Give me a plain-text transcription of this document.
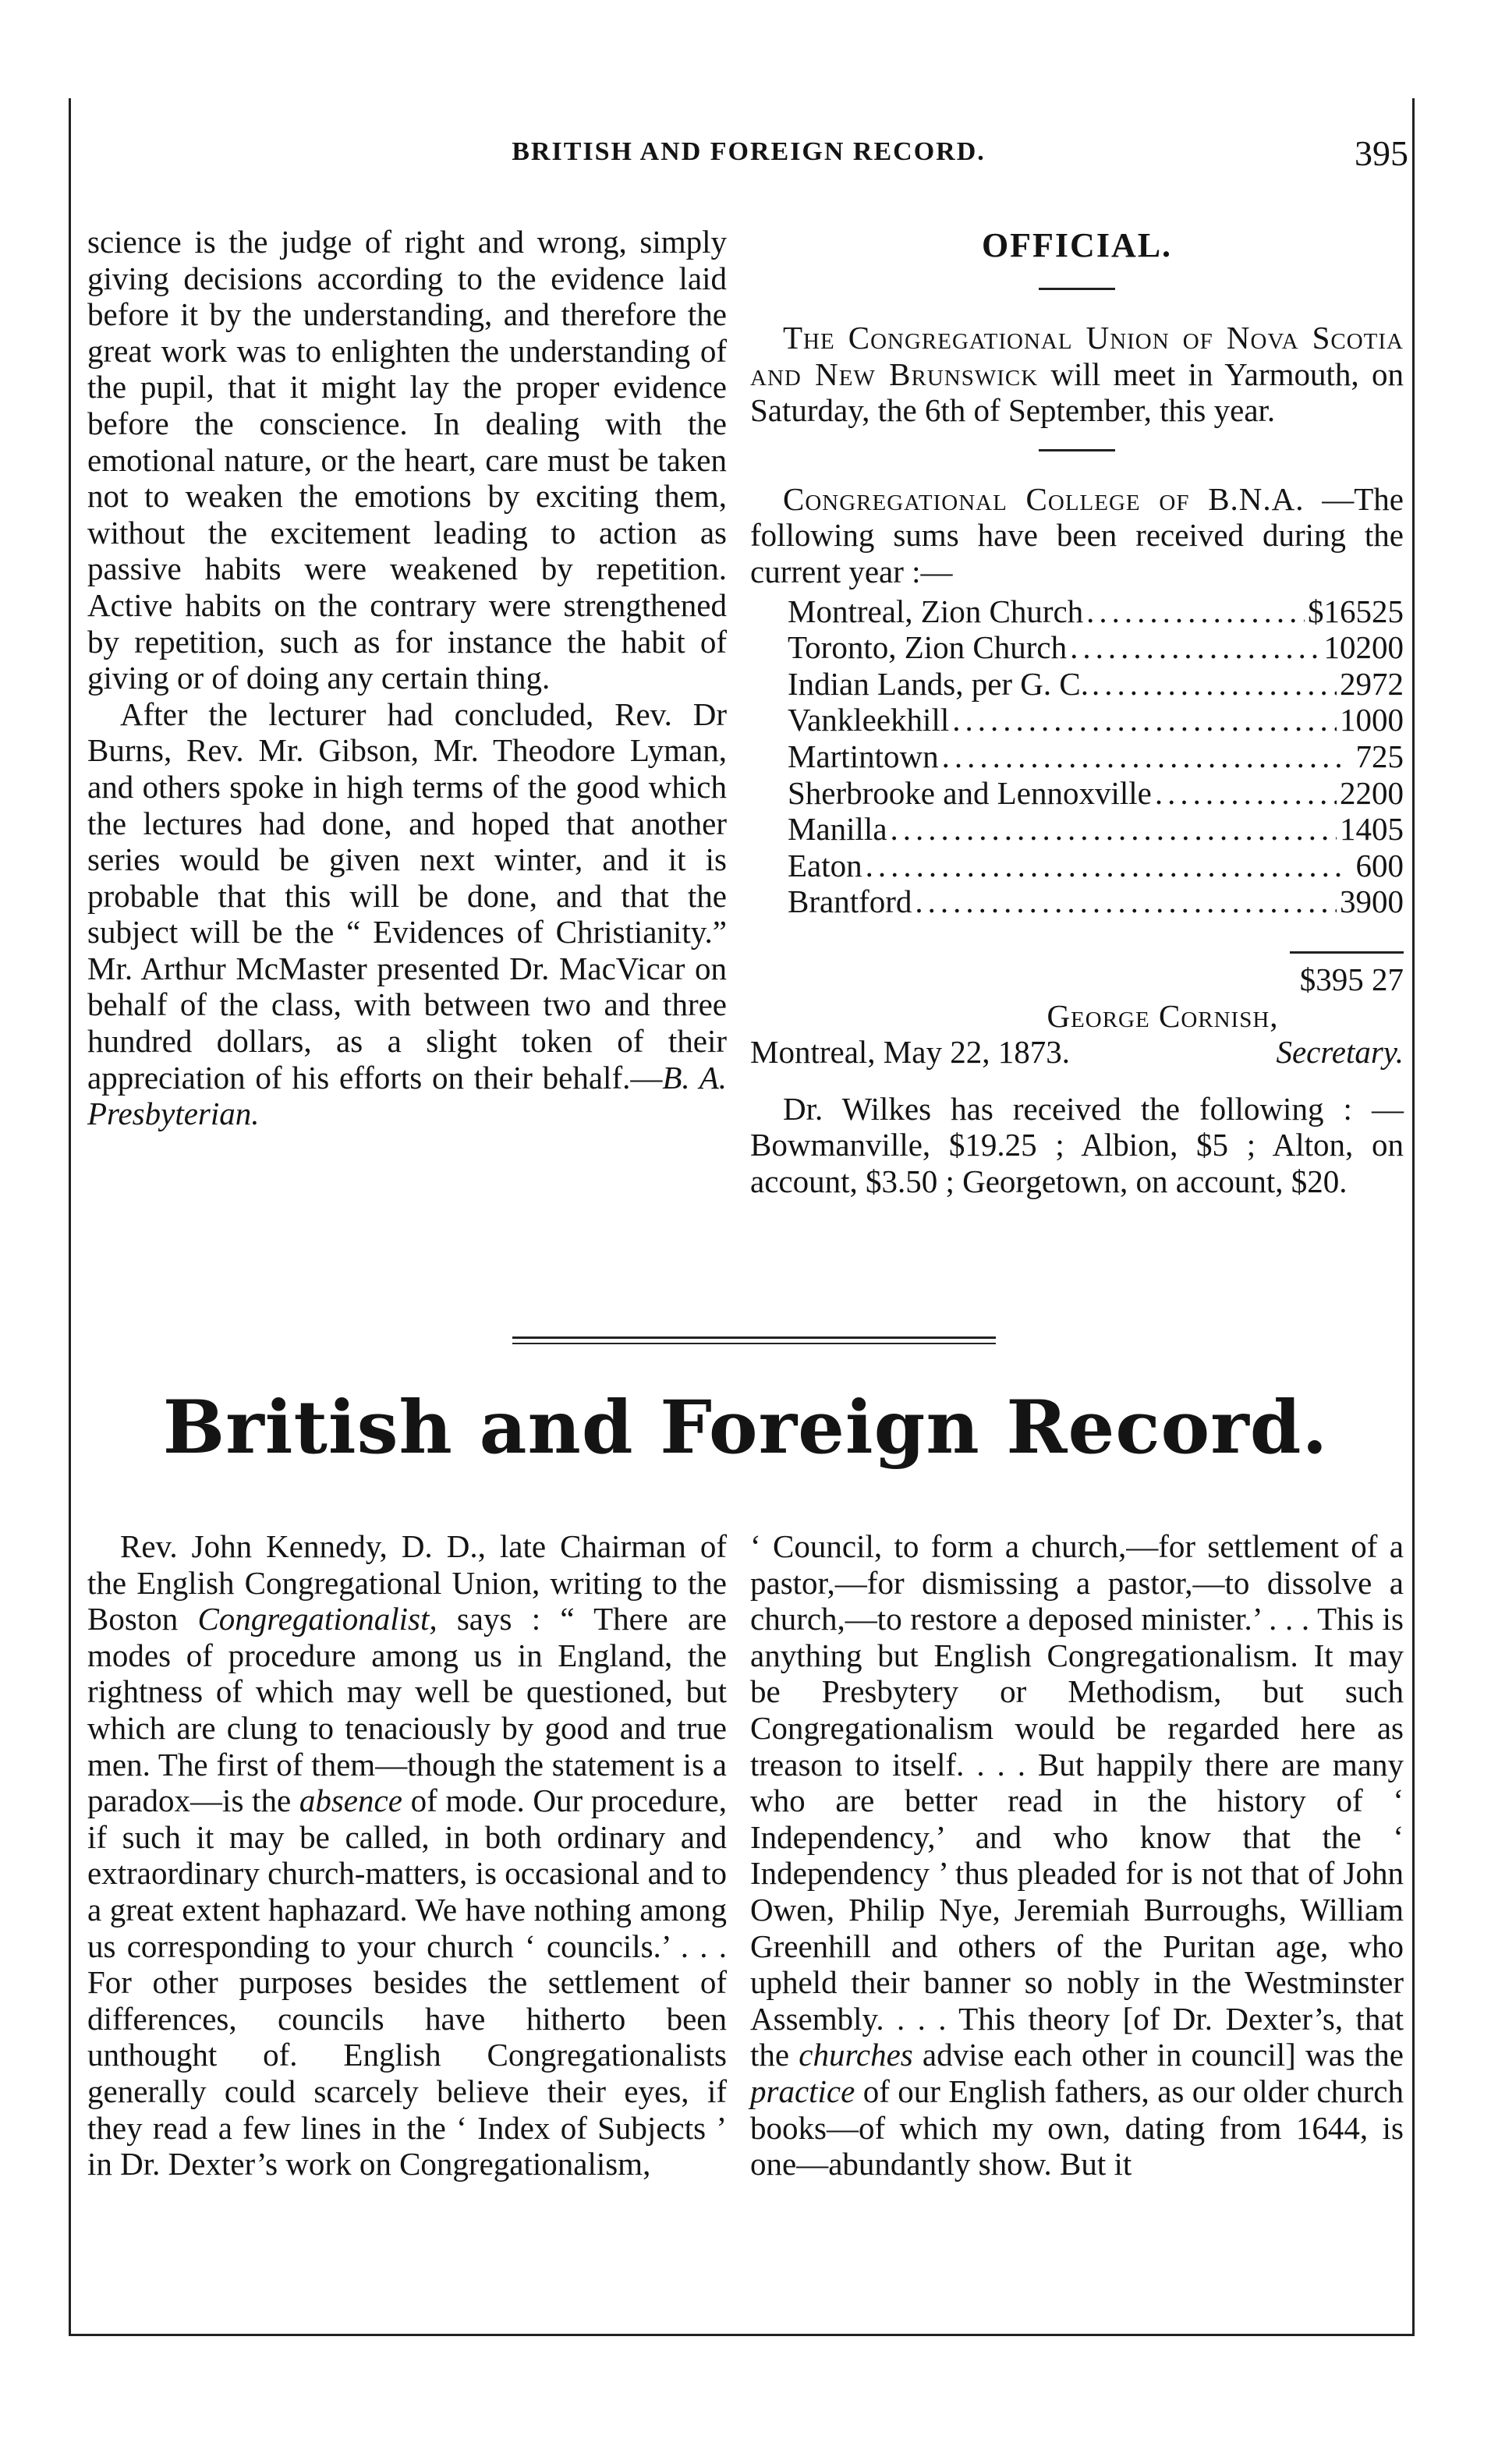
BRITISH AND FOREIGN RECORD.	395

science is the judge of right and wrong, simply giving decisions according to the evidence laid before it by the understanding, and therefore the great work was to enlighten the understanding of the pupil, that it might lay the proper evidence before the conscience. In dealing with the emotional nature, or the heart, care must be taken not to weaken the emotions by exciting them, without the excitement leading to action as passive habits were weakened by repetition. Active habits on the contrary were strengthened by repetition, such as for instance the habit of giving or of doing any certain thing.

After the lecturer had concluded, Rev. Dr Burns, Rev. Mr. Gibson, Mr. Theodore Lyman, and others spoke in high terms of the good which the lectures had done, and hoped that another series would be given next winter, and it is probable that this will be done, and that the subject will be the “ Evidences of Christianity.” Mr. Arthur McMaster presented Dr. MacVicar on behalf of the class, with between two and three hundred dollars, as a slight token of their appreciation of his efforts on their behalf.—B. A. Presbyterian.

OFFICIAL.

The Congregational Union of Nova Scotia and New Brunswick will meet in Yarmouth, on Saturday, the 6th of September, this year.

Congregational College of B.N.A. —The following sums have been received during the current year :—

Montreal, Zion Church .....	$165 25
Toronto, Zion Church .....	102 00
Indian Lands, per G. C. .....	29 72
Vankleekhill .....	10 00
Martintown .....	7 25
Sherbrooke and Lennoxville .....	22 00
Manilla .....	14 05
Eaton .....	6 00
Brantford .....	39 00
$395 27
George Cornish,
Montreal, May 22, 1873.	Secretary.

Dr. Wilkes has received the following : — Bowmanville, $19.25 ; Albion, $5 ; Alton, on account, $3.50 ; Georgetown, on account, $20.

British and Foreign Record.

Rev. John Kennedy, D. D., late Chairman of the English Congregational Union, writing to the Boston Congregationalist, says : “ There are modes of procedure among us in England, the rightness of which may well be questioned, but which are clung to tenaciously by good and true men. The first of them—though the statement is a paradox—is the absence of mode. Our procedure, if such it may be called, in both ordinary and extraordinary church-matters, is occasional and to a great extent haphazard. We have nothing among us corresponding to your church ‘ councils.’ . . . For other purposes besides the settlement of differences, councils have hitherto been unthought of. English Congregationalists generally could scarcely believe their eyes, if they read a few lines in the ‘ Index of Subjects ’ in Dr. Dexter’s work on Congregationalism,

‘ Council, to form a church,—for settlement of a pastor,—for dismissing a pastor,—to dissolve a church,—to restore a deposed minister.’ . . . This is anything but English Congregationalism. It may be Presbytery or Methodism, but such Congregationalism would be regarded here as treason to itself. . . . But happily there are many who are better read in the history of ‘ Independency,’ and who know that the ‘ Independency ’ thus pleaded for is not that of John Owen, Philip Nye, Jeremiah Burroughs, William Greenhill and others of the Puritan age, who upheld their banner so nobly in the Westminster Assembly. . . . This theory [of Dr. Dexter’s, that the churches advise each other in council] was the practice of our English fathers, as our older church books—of which my own, dating from 1644, is one—abundantly show. But it
